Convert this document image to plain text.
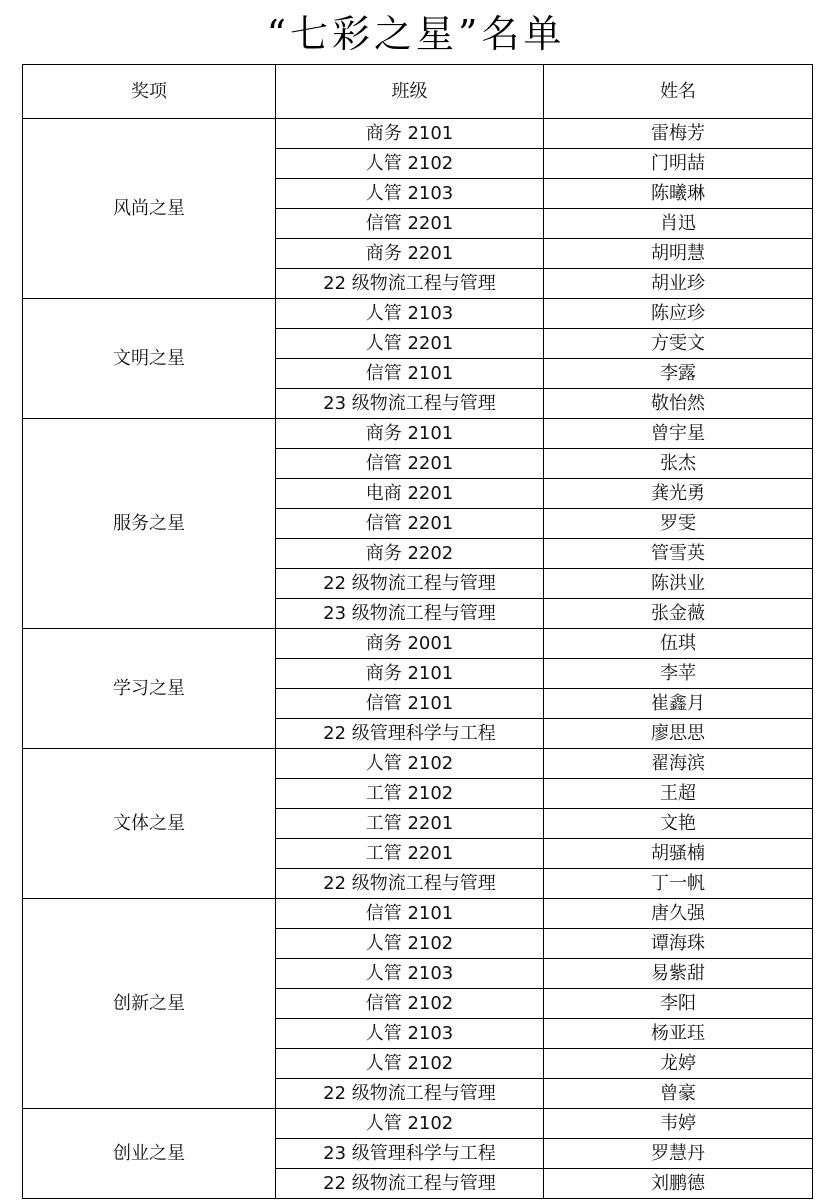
“七彩之星”名单
奖项	班级	姓名
风尚之星	商务 2101	雷梅芳
	人管 2102	门明喆
	人管 2103	陈曦琳
	信管 2201	肖迅
	商务 2201	胡明慧
	22 级物流工程与管理	胡业珍
文明之星	人管 2103	陈应珍
	人管 2201	方雯文
	信管 2101	李露
	23 级物流工程与管理	敬怡然
服务之星	商务 2101	曾宇星
	信管 2201	张杰
	电商 2201	龚光勇
	信管 2201	罗雯
	商务 2202	管雪英
	22 级物流工程与管理	陈洪业
	23 级物流工程与管理	张金薇
学习之星	商务 2001	伍琪
	商务 2101	李苹
	信管 2101	崔鑫月
	22 级管理科学与工程	廖思思
文体之星	人管 2102	翟海滨
	工管 2102	王超
	工管 2201	文艳
	工管 2201	胡骚楠
	22 级物流工程与管理	丁一帆
创新之星	信管 2101	唐久强
	人管 2102	谭海珠
	人管 2103	易紫甜
	信管 2102	李阳
	人管 2103	杨亚珏
	人管 2102	龙婷
	22 级物流工程与管理	曾豪
创业之星	人管 2102	韦婷
	23 级管理科学与工程	罗慧丹
	22 级物流工程与管理	刘鹏德
